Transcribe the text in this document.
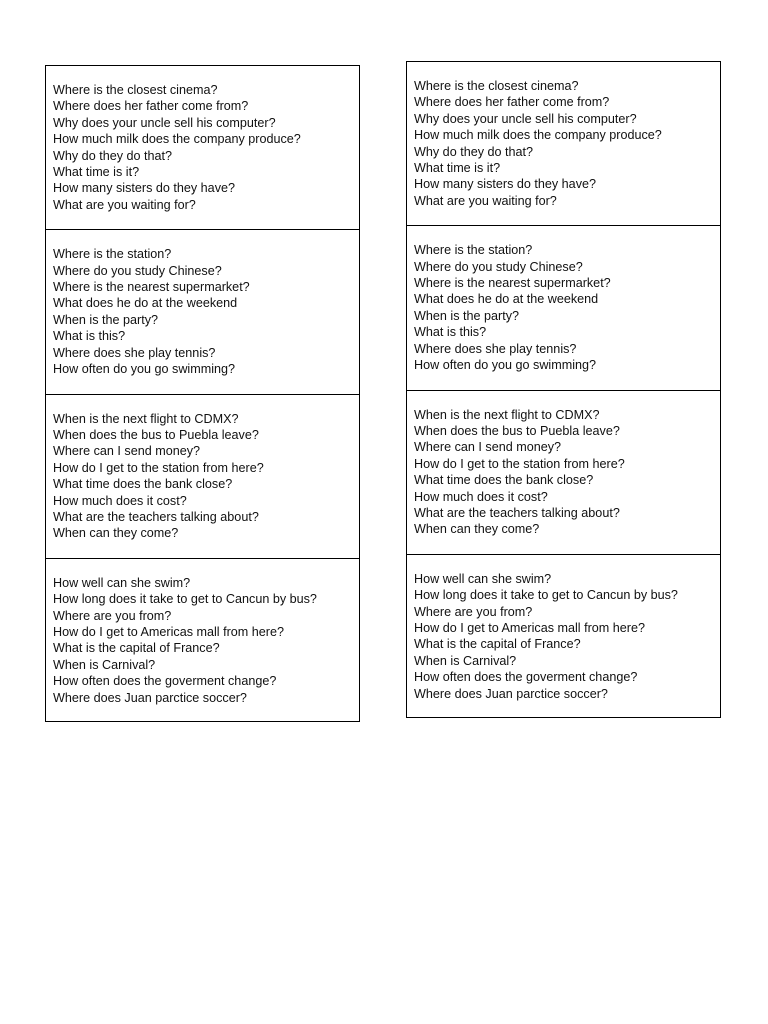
Where is the closest cinema?
Where does her father come from?
Why does your uncle sell his computer?
How much milk does the company produce?
Why do they do that?
What time is it?
How many sisters do they have?
What are you waiting for?
Where is the station?
Where do you study Chinese?
Where is the nearest supermarket?
What does he do at the weekend
When is the party?
What is this?
Where does she play tennis?
How often do you go swimming?
When is the next flight to CDMX?
When does the bus to Puebla leave?
Where can I send money?
How do I get to the station from here?
What time does the bank close?
How much does it cost?
What are the teachers talking about?
When can they come?
How well can she swim?
How long does it take to get to Cancun by bus?
Where are you from?
How do I get to Americas mall from here?
What is the capital of France?
When is Carnival?
How often does the goverment change?
Where does Juan parctice soccer?
Where is the closest cinema?
Where does her father come from?
Why does your uncle sell his computer?
How much milk does the company produce?
Why do they do that?
What time is it?
How many sisters do they have?
What are you waiting for?
Where is the station?
Where do you study Chinese?
Where is the nearest supermarket?
What does he do at the weekend
When is the party?
What is this?
Where does she play tennis?
How often do you go swimming?
When is the next flight to CDMX?
When does the bus to Puebla leave?
Where can I send money?
How do I get to the station from here?
What time does the bank close?
How much does it cost?
What are the teachers talking about?
When can they come?
How well can she swim?
How long does it take to get to Cancun by bus?
Where are you from?
How do I get to Americas mall from here?
What is the capital of France?
When is Carnival?
How often does the goverment change?
Where does Juan parctice soccer?
